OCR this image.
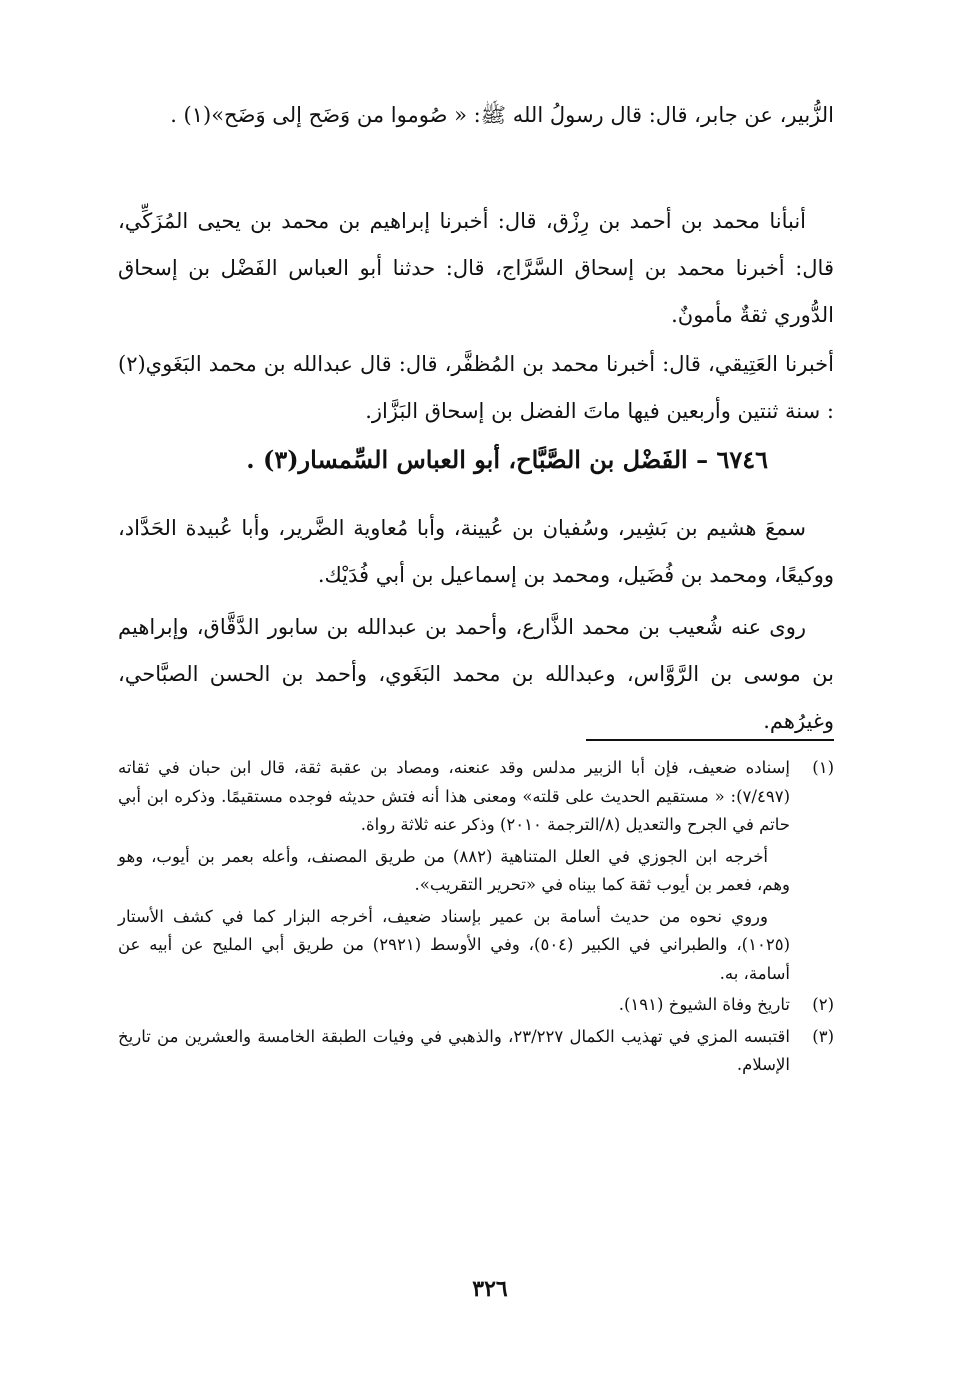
الزُّبير، عن جابر، قال: قال رسولُ الله ﷺ: « صُوموا من وَضَح إلى وَضَح»(١) .

أنبأنا محمد بن أحمد بن رِزْق، قال: أخبرنا إبراهيم بن محمد بن يحيى المُزَكِّي، قال: أخبرنا محمد بن إسحاق السَّرَّاج، قال: حدثنا أبو العباس الفَضْل بن إسحاق الدُّوري ثقةٌ مأمونٌ.

أخبرنا العَتِيقي، قال: أخبرنا محمد بن المُظفَّر، قال: قال عبدالله بن محمد البَغَوي(٢) : سنة ثنتين وأربعين فيها ماتَ الفضل بن إسحاق البَزَّاز.

٦٧٤٦ – الفَضْل بن الصَّبَّاح، أبو العباس السِّمسار(٣) .

سمعَ هشيم بن بَشِير، وسُفيان بن عُيينة، وأبا مُعاوية الضَّرير، وأبا عُبيدة الحَدَّاد، ووكيعًا، ومحمد بن فُضَيل، ومحمد بن إسماعيل بن أبي فُدَيْك.

روى عنه شُعيب بن محمد الذَّارع، وأحمد بن عبدالله بن سابور الدَّقَّاق، وإبراهيم بن موسى بن الرَّوَّاس، وعبدالله بن محمد البَغَوي، وأحمد بن الحسن الصبَّاحي، وغيرُهم.

(١)
إسناده ضعيف، فإن أبا الزبير مدلس وقد عنعنه، ومصاد بن عقبة ثقة، قال ابن حبان في ثقاته (٧/٤٩٧): « مستقيم الحديث على قلته» ومعنى هذا أنه فتش حديثه فوجده مستقيمًا. وذكره ابن أبي حاتم في الجرح والتعديل (٨/الترجمة ٢٠١٠) وذكر عنه ثلاثة رواة.
أخرجه ابن الجوزي في العلل المتناهية (٨٨٢) من طريق المصنف، وأعله بعمر بن أيوب، وهو وهم، فعمر بن أيوب ثقة كما بيناه في «تحرير التقريب».
وروي نحوه من حديث أسامة بن عمير بإسناد ضعيف، أخرجه البزار كما في كشف الأستار (١٠٢٥)، والطبراني في الكبير (٥٠٤)، وفي الأوسط (٢٩٢١) من طريق أبي المليح عن أبيه عن أسامة، به.
(٢)
تاريخ وفاة الشيوخ (١٩١).
(٣)
اقتبسه المزي في تهذيب الكمال ٢٣/٢٢٧، والذهبي في وفيات الطبقة الخامسة والعشرين من تاريخ الإسلام.
٣٢٦
